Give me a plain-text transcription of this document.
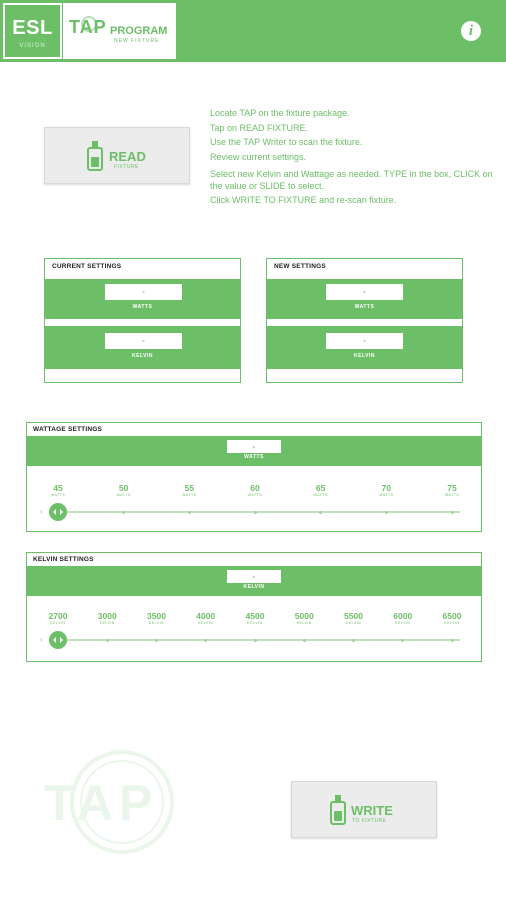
ESL
VISION
TAP PROGRAM
NEW FIXTURE
i
READ
FIXTURE

Locate TAP on the fixture package.

Tap on READ FIXTURE.

Use the TAP Writer to scan the fixture.

Review current settings.

Select new Kelvin and Wattage as needed. TYPE in the box, CLICK on the value or SLIDE to select.

Click WRITE TO FIXTURE and re-scan fixture.

CURRENT SETTINGS
-
WATTS
-
KELVIN
NEW SETTINGS
-
WATTS
-
KELVIN
WATTAGE SETTINGS
-
WATTS
45
WATTS
50
WATTS
55
WATTS
60
WATTS
65
WATTS
70
WATTS
75
WATTS
‹
KELVIN SETTINGS
-
KELVIN
2700
KELVIN
3000
KELVIN
3500
KELVIN
4000
KELVIN
4500
KELVIN
5000
KELVIN
5500
KELVIN
6000
KELVIN
6500
KELVIN
‹
TAP	WRITE
TO FIXTURE
